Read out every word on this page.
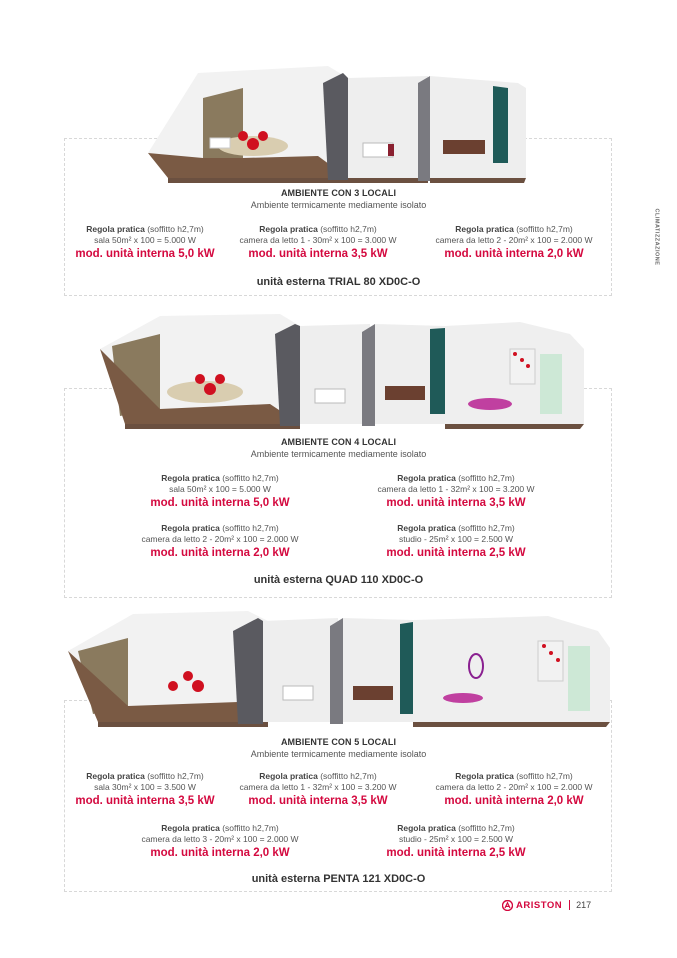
AMBIENTE CON 3 LOCALI
Ambiente termicamente mediamente isolato
Regola pratica (soffitto h2,7m)
sala 50m² x 100 = 5.000 W
mod. unità interna 5,0 kW
Regola pratica (soffitto h2,7m)
camera da letto 1 - 30m² x 100 = 3.000 W
mod. unità interna 3,5 kW
Regola pratica (soffitto h2,7m)
camera da letto 2 - 20m² x 100 = 2.000 W
mod. unità interna 2,0 kW
unità esterna TRIAL 80 XD0C-O
AMBIENTE CON 4 LOCALI
Ambiente termicamente mediamente isolato
Regola pratica (soffitto h2,7m)
sala 50m² x 100 = 5.000 W
mod. unità interna 5,0 kW
Regola pratica (soffitto h2,7m)
camera da letto 1 - 32m² x 100 = 3.200 W
mod. unità interna 3,5 kW
Regola pratica (soffitto h2,7m)
camera da letto 2 - 20m² x 100 = 2.000 W
mod. unità interna 2,0 kW
Regola pratica (soffitto h2,7m)
studio - 25m² x 100 = 2.500 W
mod. unità interna 2,5 kW
unità esterna QUAD 110 XD0C-O
AMBIENTE CON 5 LOCALI
Ambiente termicamente mediamente isolato
Regola pratica (soffitto h2,7m)
sala 30m² x 100 = 3.500 W
mod. unità interna 3,5 kW
Regola pratica (soffitto h2,7m)
camera da letto 1 - 32m² x 100 = 3.200 W
mod. unità interna 3,5 kW
Regola pratica (soffitto h2,7m)
camera da letto 2 - 20m² x 100 = 2.000 W
mod. unità interna 2,0 kW
Regola pratica (soffitto h2,7m)
camera da letto 3 - 20m² x 100 = 2.000 W
mod. unità interna 2,0 kW
Regola pratica (soffitto h2,7m)
studio - 25m² x 100 = 2.500 W
mod. unità interna 2,5 kW
unità esterna PENTA 121 XD0C-O
CLIMATIZZAZIONE
ARISTON 217
